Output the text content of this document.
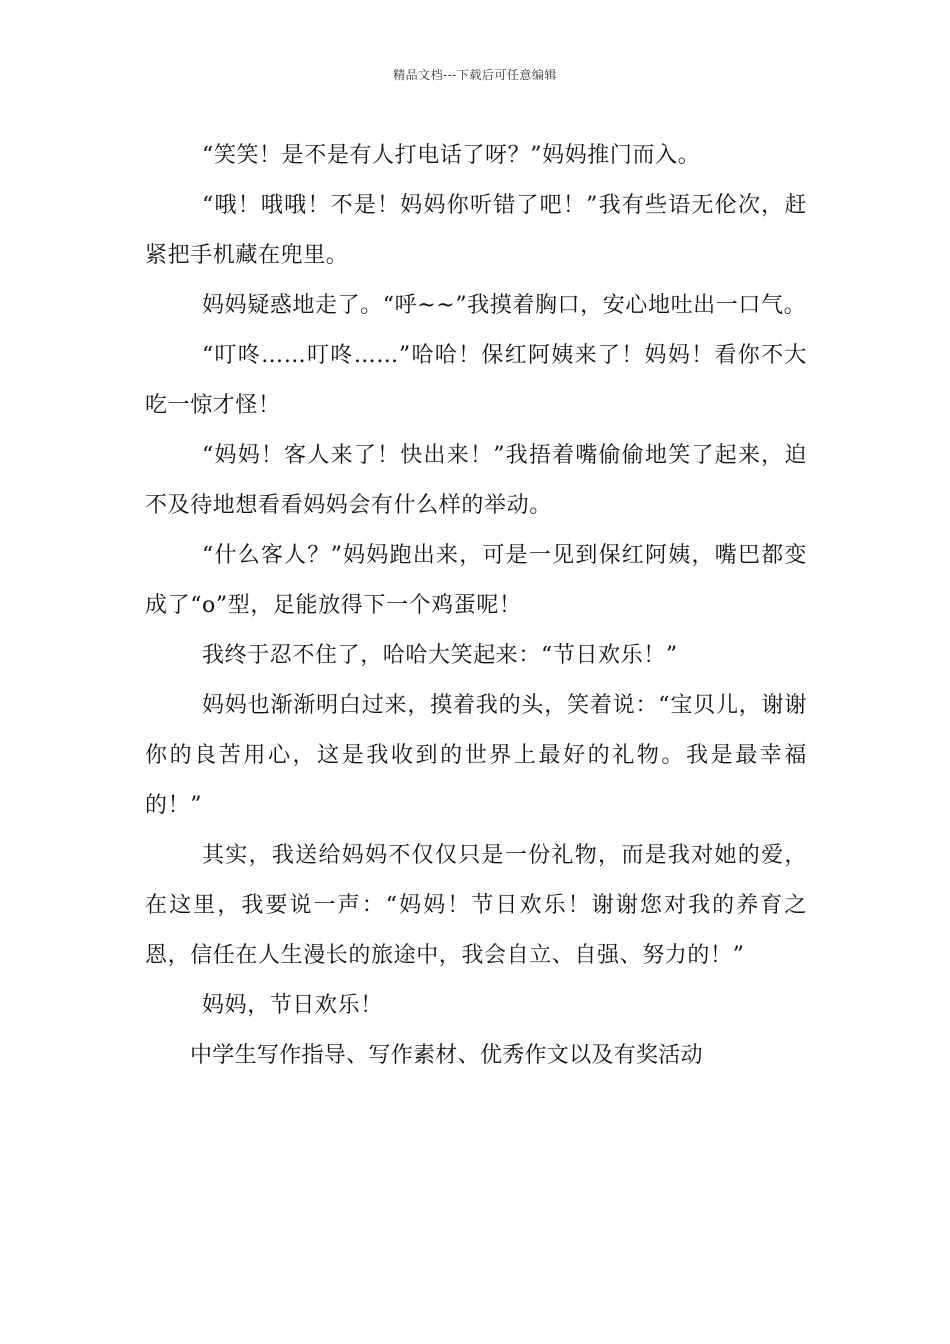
精品文档---下载后可任意编辑

“笑笑！是不是有人打电话了呀？”妈妈推门而入。

“哦！哦哦！不是！妈妈你听错了吧！”我有些语无伦次，赶紧把手机藏在兜里。

妈妈疑惑地走了。“呼~~”我摸着胸口，安心地吐出一口气。

“叮咚……叮咚……”哈哈！保红阿姨来了！妈妈！看你不大吃一惊才怪！

“妈妈！客人来了！快出来！”我捂着嘴偷偷地笑了起来，迫不及待地想看看妈妈会有什么样的举动。

“什么客人？”妈妈跑出来，可是一见到保红阿姨，嘴巴都变成了“o”型，足能放得下一个鸡蛋呢！

我终于忍不住了，哈哈大笑起来：“节日欢乐！”

妈妈也渐渐明白过来，摸着我的头，笑着说：“宝贝儿，谢谢你的良苦用心，这是我收到的世界上最好的礼物。我是最幸福的！”

其实，我送给妈妈不仅仅只是一份礼物，而是我对她的爱，在这里，我要说一声：“妈妈！节日欢乐！谢谢您对我的养育之恩，信任在人生漫长的旅途中，我会自立、自强、努力的！”

妈妈，节日欢乐！

中学生写作指导、写作素材、优秀作文以及有奖活动
